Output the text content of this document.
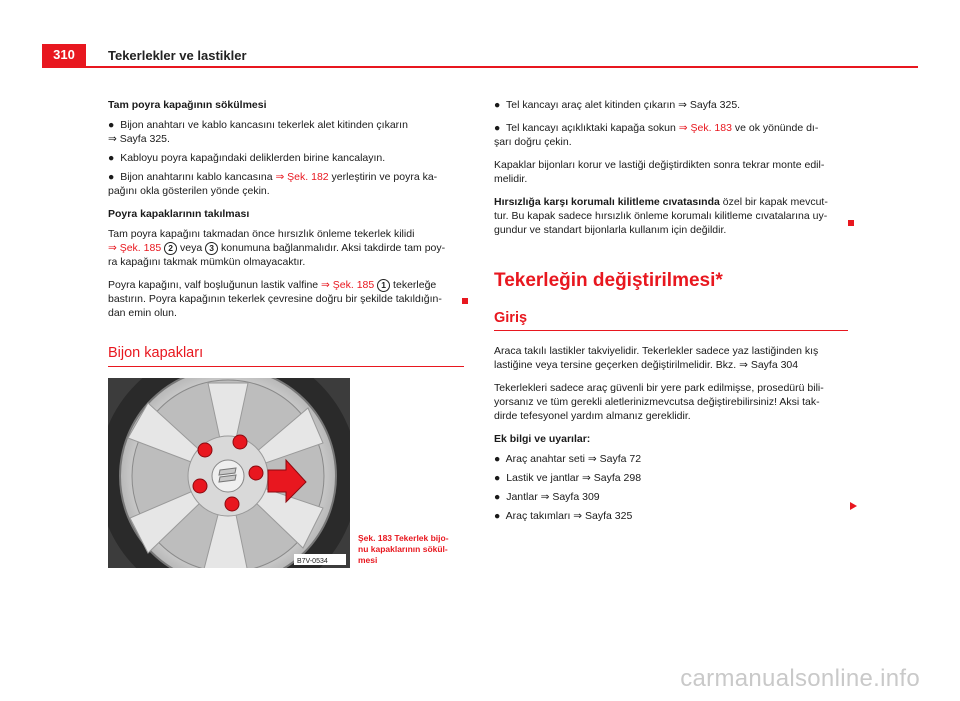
310	Tekerlekler ve lastikler

Tam poyra kapağının sökülmesi

● Bijon anahtarı ve kablo kancasını tekerlek alet kitinden çıkarın
⇒ Sayfa 325.

● Kabloyu poyra kapağındaki deliklerden birine kancalayın.

● Bijon anahtarını kablo kancasına ⇒ Şek. 182 yerleştirin ve poyra ka-
pağını okla gösterilen yönde çekin.

Poyra kapaklarının takılması

Tam poyra kapağını takmadan önce hırsızlık önleme tekerlek kilidi
⇒ Şek. 185 2 veya 3 konumuna bağlanmalıdır. Aksi takdirde tam poy-
ra kapağını takmak mümkün olmayacaktır.

Poyra kapağını, valf boşluğunun lastik valfine ⇒ Şek. 185 1 tekerleğe
bastırın. Poyra kapağının tekerlek çevresine doğru bir şekilde takıldığın-
dan emin olun.

Bijon kapakları
B7V-0534
Şek. 183 Tekerlek bijo-
nu kapaklarının sökül-
mesi

● Tel kancayı araç alet kitinden çıkarın ⇒ Sayfa 325.

● Tel kancayı açıklıktaki kapağa sokun ⇒ Şek. 183 ve ok yönünde dı-
şarı doğru çekin.

Kapaklar bijonları korur ve lastiği değiştirdikten sonra tekrar monte edil-
melidir.

Hırsızlığa karşı korumalı kilitleme cıvatasında özel bir kapak mevcut-
tur. Bu kapak sadece hırsızlık önleme korumalı kilitleme cıvatalarına uy-
gundur ve standart bijonlarla kullanım için değildir.

Tekerleğin değiştirilmesi*
Giriş

Araca takılı lastikler takviyelidir. Tekerlekler sadece yaz lastiğinden kış
lastiğine veya tersine geçerken değiştirilmelidir. Bkz. ⇒ Sayfa 304

Tekerlekleri sadece araç güvenli bir yere park edilmişse, prosedürü bili-
yorsanız ve tüm gerekli aletlerinizmevcutsa değiştirebilirsiniz! Aksi tak-
dirde tefesyonel yardım almanız gereklidir.

Ek bilgi ve uyarılar:

● Araç anahtar seti ⇒ Sayfa 72

● Lastik ve jantlar ⇒ Sayfa 298

● Jantlar ⇒ Sayfa 309

● Araç takımları ⇒ Sayfa 325

carmanualsonline.info
